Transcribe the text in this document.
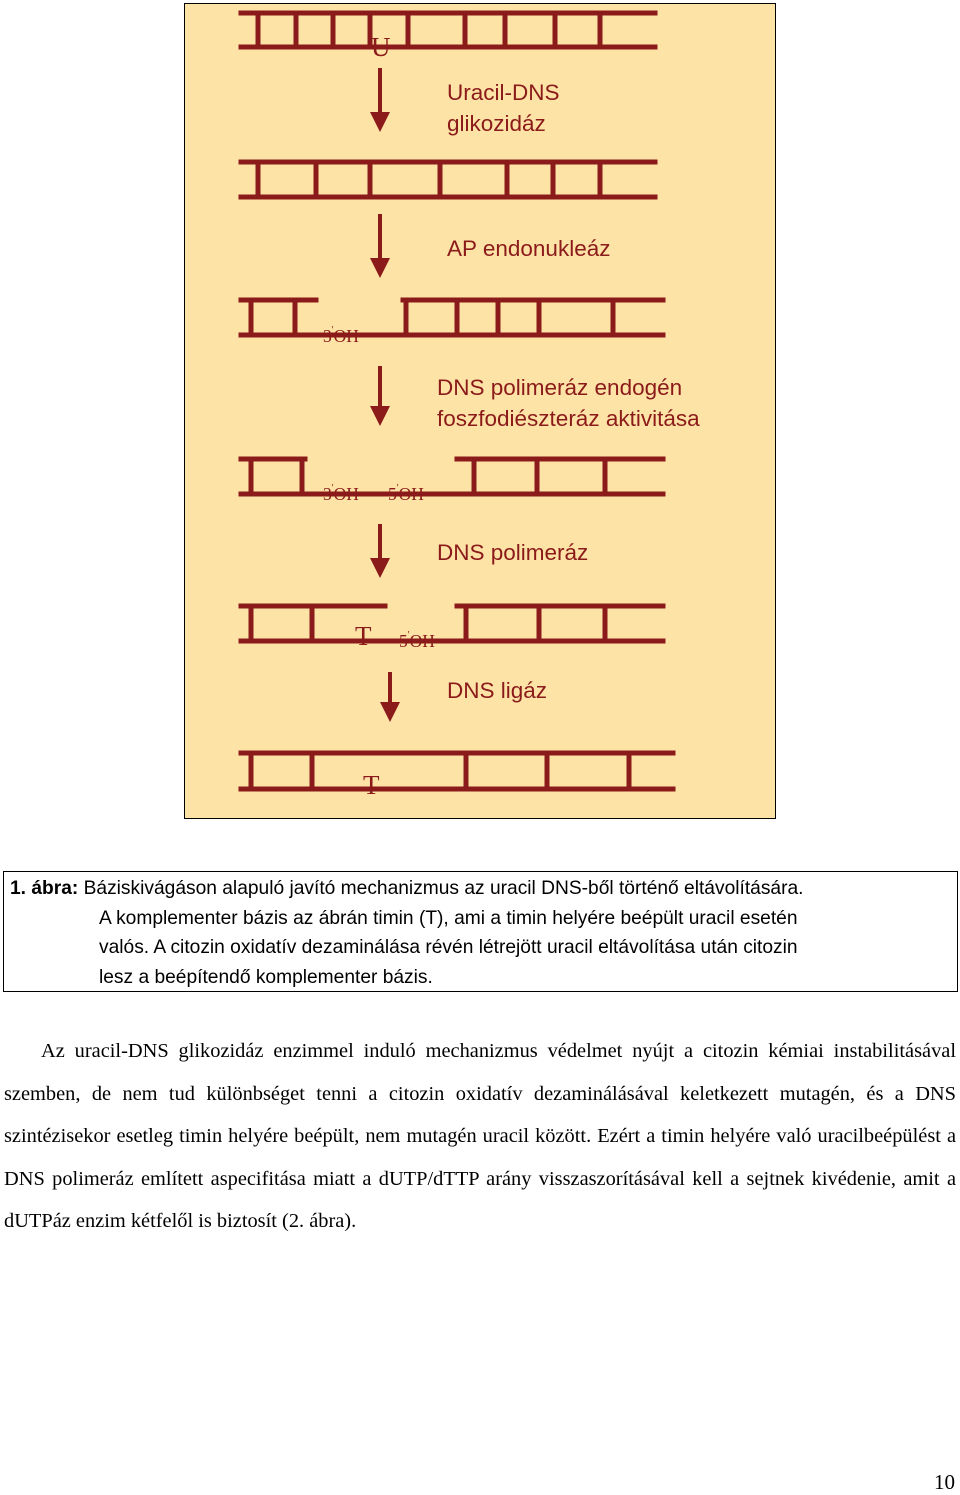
U
3'OH
3'OH 5'OH
T 5'OH
T
Uracil-DNS
glikozidáz
AP endonukleáz
DNS polimeráz endogén
foszfodiészteráz aktivitása
DNS polimeráz
DNS ligáz
1. ábra: Báziskivágáson alapuló javító mechanizmus az uracil DNS-ből történő eltávolítására.
A komplementer bázis az ábrán timin (T), ami a timin helyére beépült uracil esetén
valós. A citozin oxidatív dezaminálása révén létrejött uracil eltávolítása után citozin
lesz a beépítendő komplementer bázis.

Az uracil-DNS glikozidáz enzimmel induló mechanizmus védelmet nyújt a citozin kémiai instabilitásával szemben, de nem tud különbséget tenni a citozin oxidatív dezaminálásával keletkezett mutagén, és a DNS szintézisekor esetleg timin helyére beépült, nem mutagén uracil között. Ezért a timin helyére való uracilbeépülést a DNS polimeráz említett aspecifitása miatt a dUTP/dTTP arány visszaszorításával kell a sejtnek kivédenie, amit a dUTPáz enzim kétfelől is biztosít (2. ábra).

10
